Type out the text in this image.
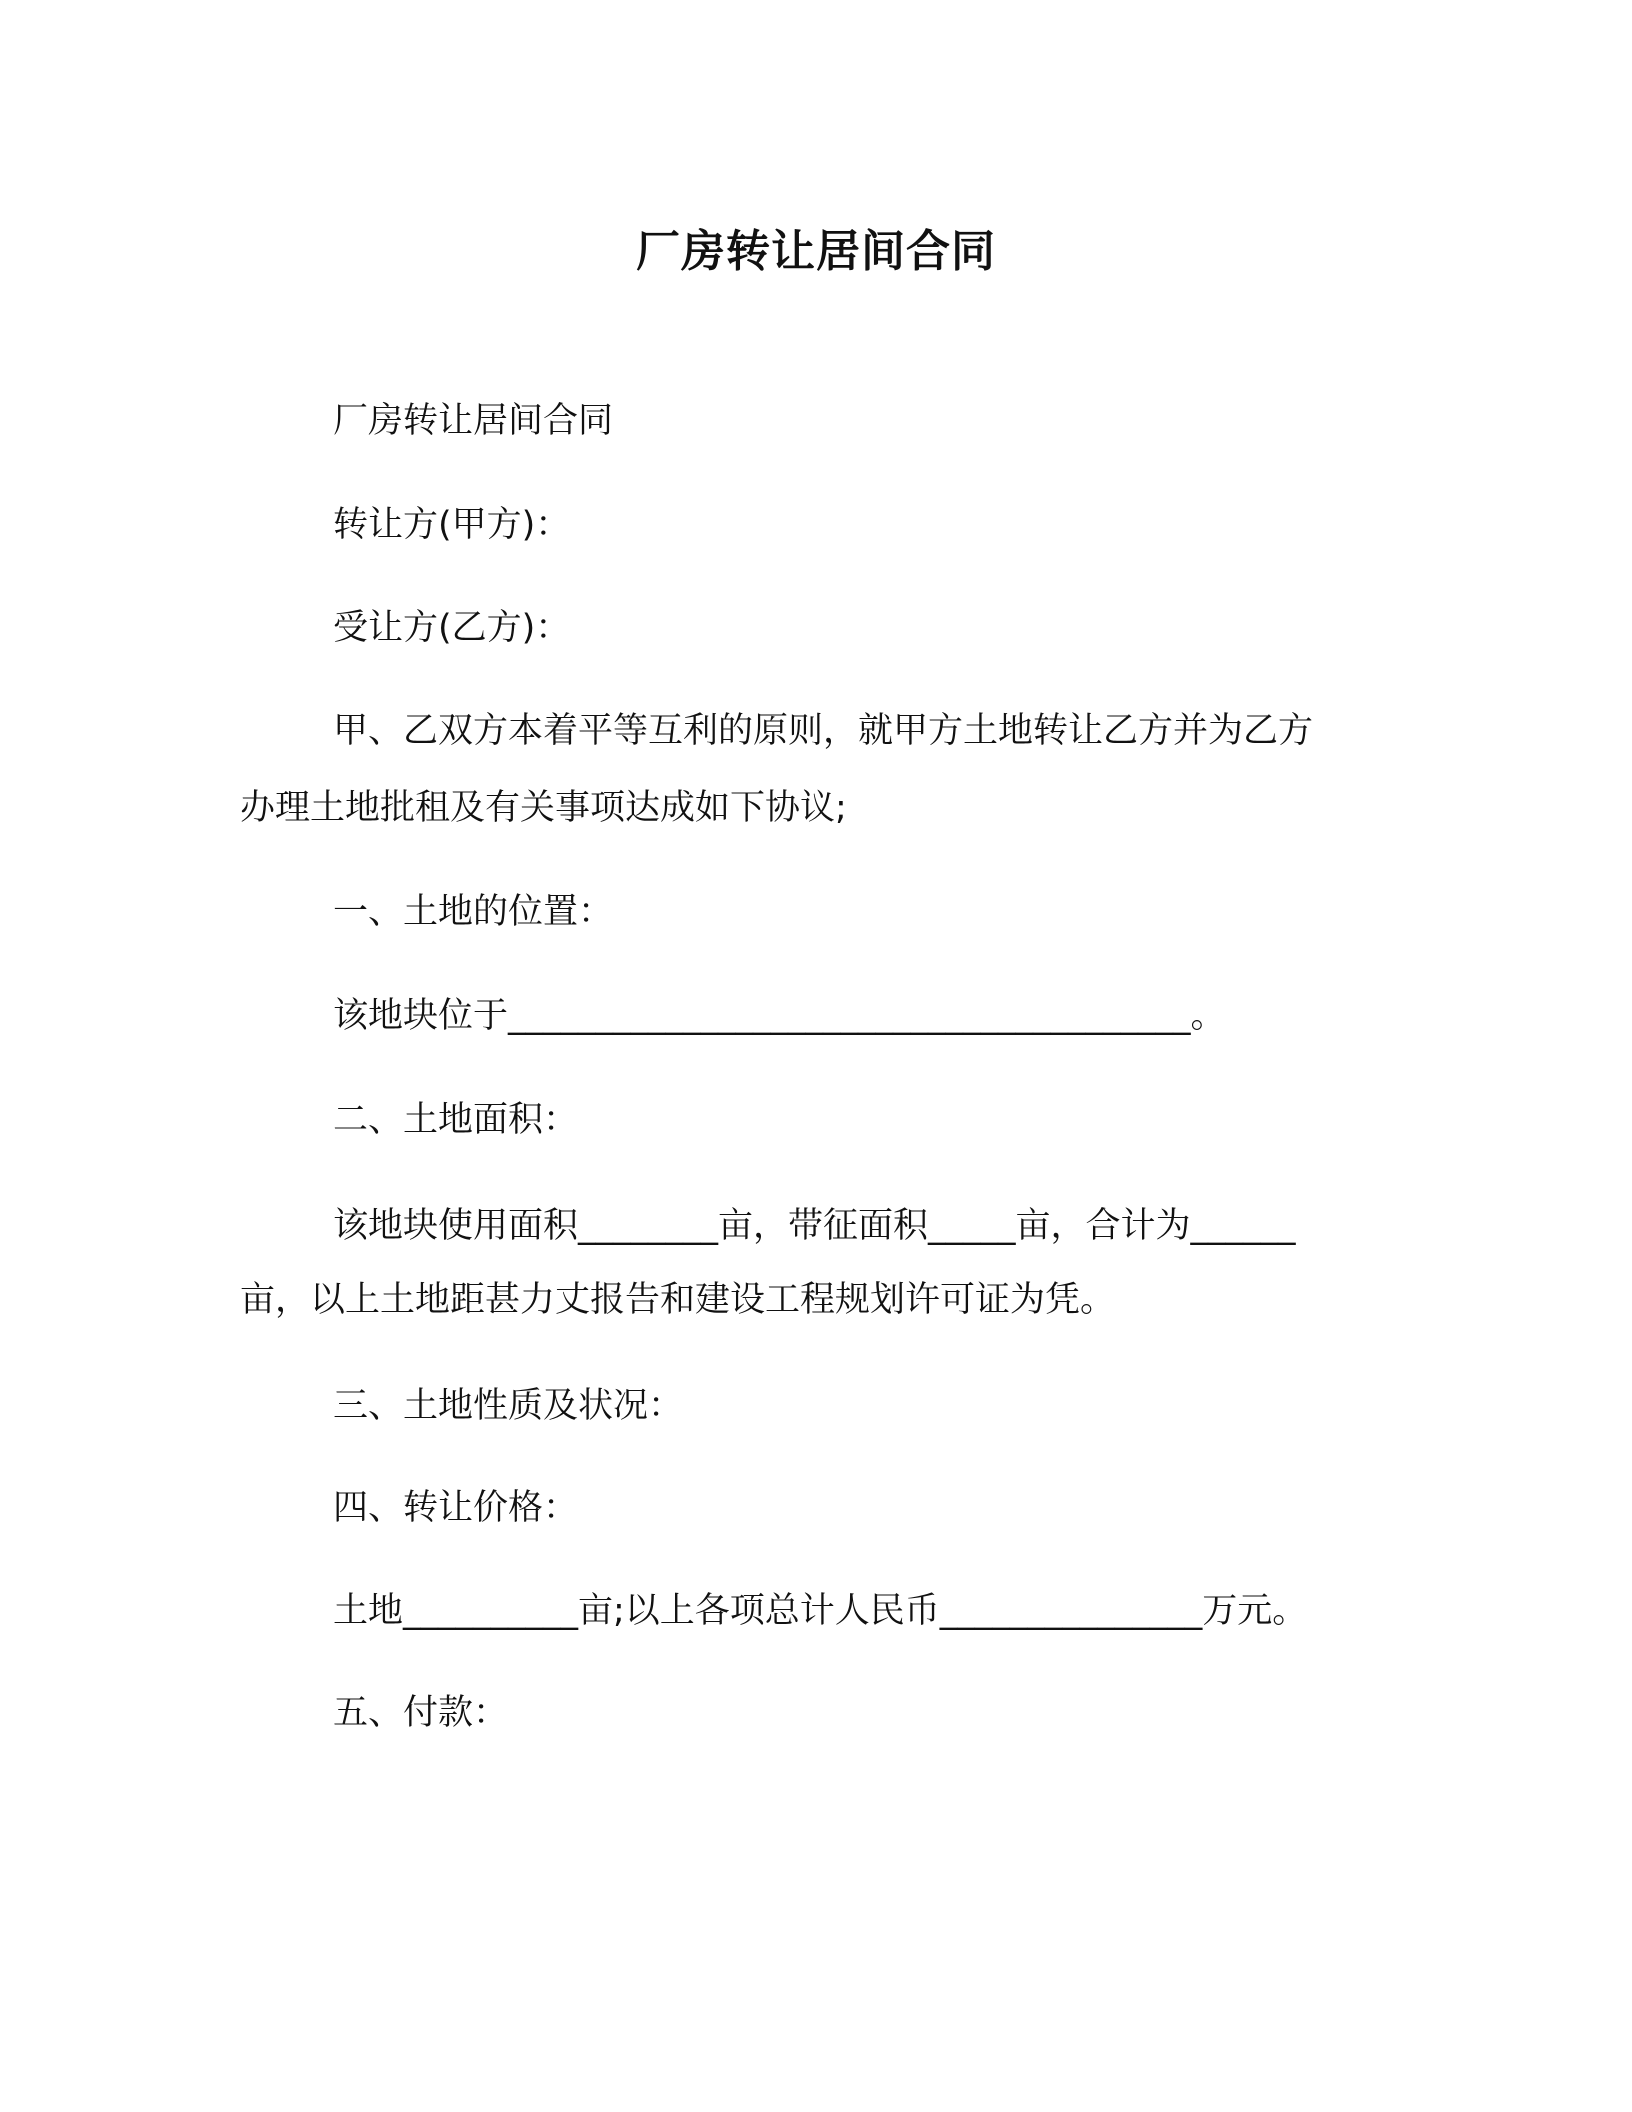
厂房转让居间合同
厂房转让居间合同
转让方(甲方)：
受让方(乙方)：
甲、乙双方本着平等互利的原则，就甲方土地转让乙方并为乙方
办理土地批租及有关事项达成如下协议;
一、土地的位置：
该地块位于_______________________________________。
二、土地面积：
该地块使用面积________亩，带征面积_____亩，合计为______
亩，以上土地距甚力丈报告和建设工程规划许可证为凭。
三、土地性质及状况：
四、转让价格：
土地__________亩;以上各项总计人民币_______________万元。
五、付款：
